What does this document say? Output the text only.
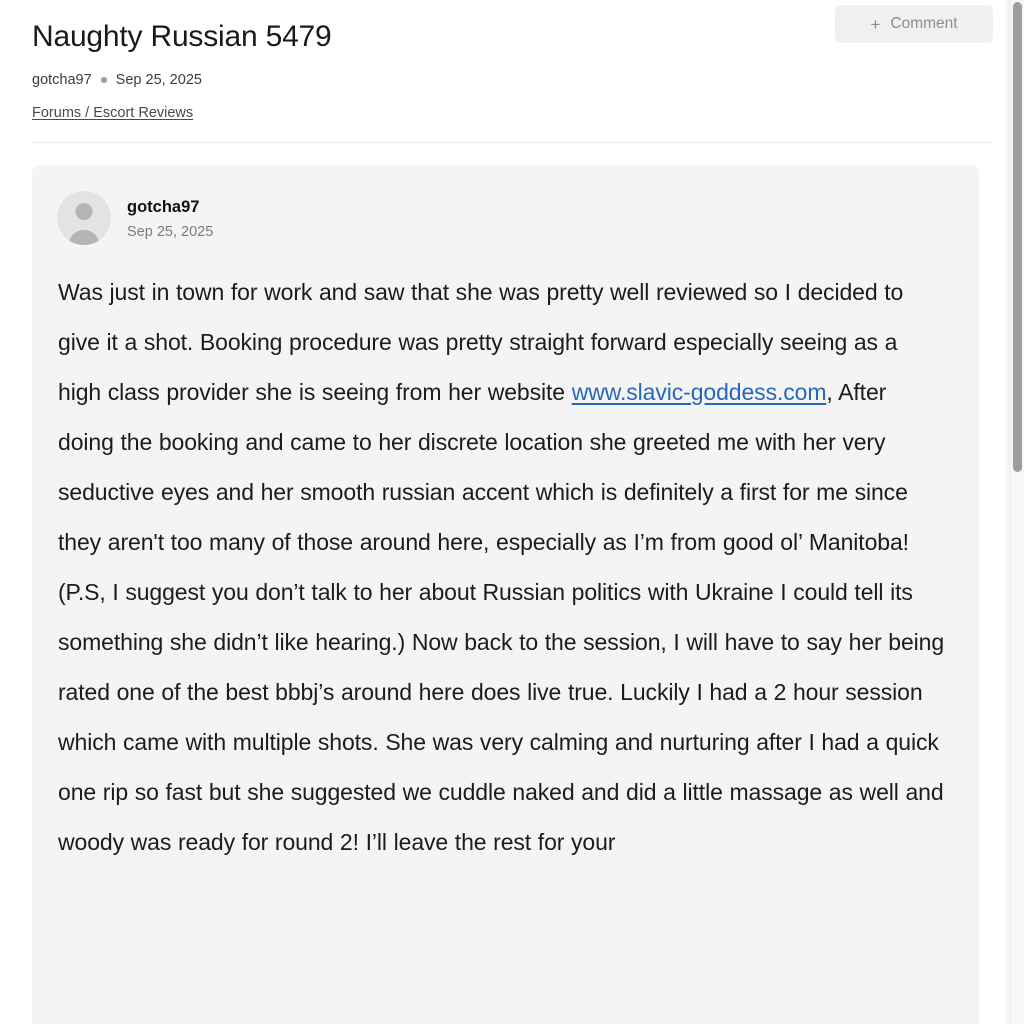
Naughty Russian 5479
gotcha97 Sep 25, 2025
Forums / Escort Reviews
+ Comment
gotcha97
Sep 25, 2025
Was just in town for work and saw that she was pretty well reviewed so I decided to give it a shot. Booking procedure was pretty straight forward especially seeing as a high class provider she is seeing from her website www.slavic-goddess.com, After doing the booking and came to her discrete location she greeted me with her very seductive eyes and her smooth russian accent which is definitely a first for me since they aren't too many of those around here, especially as I’m from good ol’ Manitoba! (P.S, I suggest you don’t talk to her about Russian politics with Ukraine I could tell its something she didn’t like hearing.) Now back to the session, I will have to say her being rated one of the best bbbj’s around here does live true. Luckily I had a 2 hour session which came with multiple shots. She was very calming and nurturing after I had a quick one rip so fast but she suggested we cuddle naked and did a little massage as well and woody was ready for round 2! I’ll leave the rest for your
